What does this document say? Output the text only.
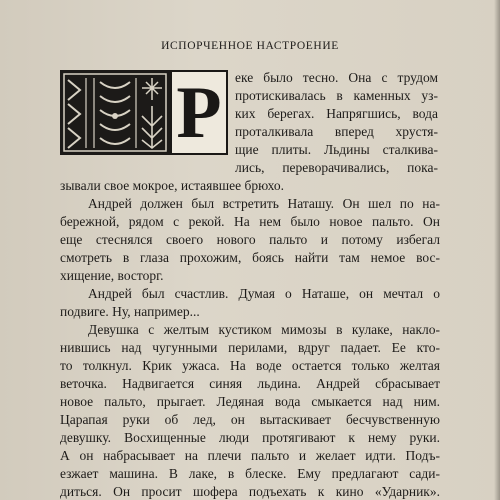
ИСПОРЧЕННОЕ НАСТРОЕНИЕ
Р еке было тесно. Она с трудом
протискивалась в каменных уз-
ких берегах. Напрягшись, вода
проталкивала вперед хрустя-
щие плиты. Льдины сталкива-
лись, переворачивались, пока-
зывали свое мокрое, истаявшее брюхо.
Андрей должен был встретить Наташу. Он шел по на-
бережной, рядом с рекой. На нем было новое пальто. Он
еще стеснялся своего нового пальто и потому избегал
смотреть в глаза прохожим, боясь найти там немое вос-
хищение, восторг.
Андрей был счастлив. Думая о Наташе, он мечтал о
подвиге. Ну, например...
Девушка с желтым кустиком мимозы в кулаке, накло-
нившись над чугунными перилами, вдруг падает. Ее кто-
то толкнул. Крик ужаса. На воде остается только желтая
веточка. Надвигается синяя льдина. Андрей сбрасывает
новое пальто, прыгает. Ледяная вода смыкается над ним.
Царапая руки об лед, он вытаскивает бесчувственную
девушку. Восхищенные люди протягивают к нему руки.
А он набрасывает на плечи пальто и желает идти. Подъ-
езжает машина. В лаке, в блеске. Ему предлагают сади-
диться. Он просит шофера подъехать к кино «Ударник».
